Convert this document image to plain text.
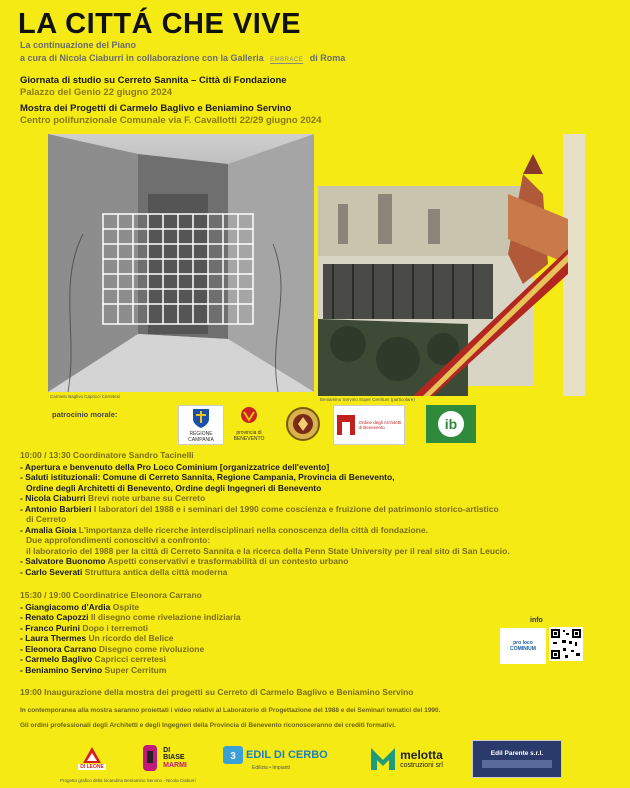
LA CITTÁ CHE VIVE
La continuazione del Piano
a cura di Nicola Ciaburri in collaborazione con la Galleria EMBRACE di Roma
Giornata di studio su Cerreto Sannita – Città di Fondazione
Palazzo del Genio 22 giugno 2024
Mostra dei Progetti di Carmelo Baglivo e Beniamino Servino
Centro polifunzionale Comunale via F. Cavallotti 22/29 giugno 2024
Carmelo Baglivo Capricci Cerretesi
Beniamino Servino Super Cerritum (particolare)
patrocinio morale:
REGIONE CAMPANIA
provincia di BENEVENTO
Ordine degli Architetti di Benevento	ib
10:00 / 13:30 Coordinatore Sandro Tacinelli
- Apertura e benvenuto della Pro Loco Cominium [organizzatrice dell'evento]
- Saluti istituzionali: Comune di Cerreto Sannita, Regione Campania, Provincia di Benevento,
Ordine degli Architetti di Benevento, Ordine degli Ingegneri di Benevento
- Nicola Ciaburri Brevi note urbane su Cerreto
- Antonio Barbieri I laboratori del 1988 e i seminari del 1990 come coscienza e fruizione del patrimonio storico-artistico
di Cerreto
- Amalia Gioia L'importanza delle ricerche interdisciplinari nella conoscenza della città di fondazione.
Due approfondimenti conoscitivi a confronto:
il laboratorio del 1988 per la città di Cerreto Sannita e la ricerca della Penn State University per il real sito di San Leucio.
- Salvatore Buonomo Aspetti conservativi e trasformabilità di un contesto urbano
- Carlo Severati Struttura antica della città moderna
15:30 / 19:00 Coordinatrice Eleonora Carrano
- Giangiacomo d'Ardia Ospite
- Renato Capozzi Il disegno come rivelazione indiziaria
- Franco Purini Dopo i terremoti
- Laura Thermes Un ricordo del Belice
- Eleonora Carrano Disegno come rivoluzione
- Carmelo Baglivo Capricci cerretesi
- Beniamino Servino Super Cerritum
info
pro loco COMINIUM
19:00 Inaugurazione della mostra dei progetti su Cerreto di Carmelo Baglivo e Beniamino Servino
In contemporanea alla mostra saranno proiettati i video relativi al Laboratorio di Progettazione del 1988 e dei Seminari tematici del 1990.
Gli ordini professionali degli Architetti e degli Ingegneri della Provincia di Benevento riconosceranno dei crediti formativi.
DI LEONE
Progetto grafico della locandina Beniamino Servino - Nicola Ciaburri
DI
BIASE
MARMI
3 EDIL DI CERBO
Edilizia • Impianti
melotta
costruzioni srl
Edil Parente s.r.l.
